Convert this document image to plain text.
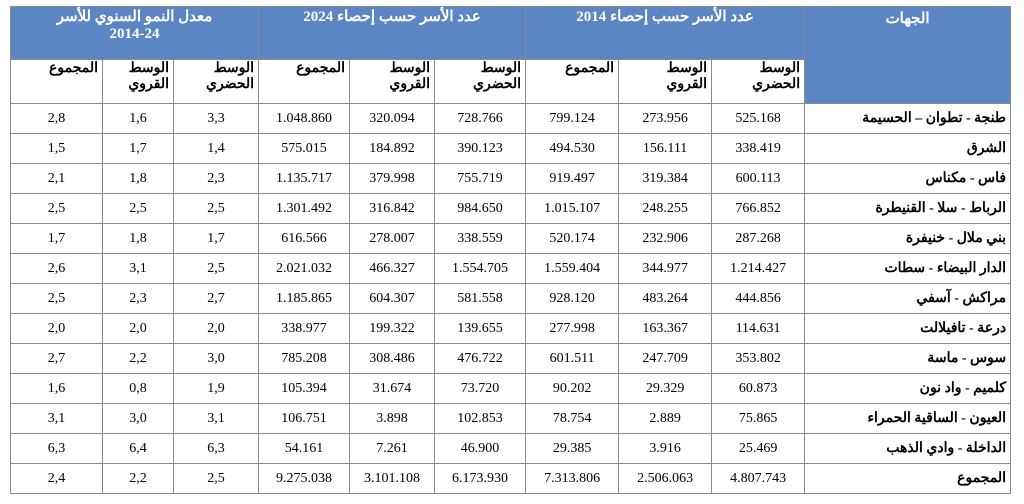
الجهات	عدد الأسر حسب إحصاء 2014			عدد الأسر حسب إحصاء 2024			معدل النمو السنوي للأسر
2014-24		
	الوسط الحضري	الوسط القروي	المجموع	الوسط الحضري	الوسط القروي	المجموع	الوسط الحضري	الوسط القروي	المجموع
طنجة - تطوان – الحسيمة	525.168	273.956	799.124	728.766	320.094	1.048.860	3,3	1,6	2,8
الشرق	338.419	156.111	494.530	390.123	184.892	575.015	1,4	1,7	1,5
فاس - مكناس	600.113	319.384	919.497	755.719	379.998	1.135.717	2,3	1,8	2,1
الرباط - سلا - القنيطرة	766.852	248.255	1.015.107	984.650	316.842	1.301.492	2,5	2,5	2,5
بني ملال - خنيفرة	287.268	232.906	520.174	338.559	278.007	616.566	1,7	1,8	1,7
الدار البيضاء - سطات	1.214.427	344.977	1.559.404	1.554.705	466.327	2.021.032	2,5	3,1	2,6
مراكش - آسفي	444.856	483.264	928.120	581.558	604.307	1.185.865	2,7	2,3	2,5
درعة - تافيلالت	114.631	163.367	277.998	139.655	199.322	338.977	2,0	2,0	2,0
سوس - ماسة	353.802	247.709	601.511	476.722	308.486	785.208	3,0	2,2	2,7
كلميم - واد نون	60.873	29.329	90.202	73.720	31.674	105.394	1,9	0,8	1,6
العيون - الساقية الحمراء	75.865	2.889	78.754	102.853	3.898	106.751	3,1	3,0	3,1
الداخلة - وادي الذهب	25.469	3.916	29.385	46.900	7.261	54.161	6,3	6,4	6,3
المجموع	4.807.743	2.506.063	7.313.806	6.173.930	3.101.108	9.275.038	2,5	2,2	2,4
